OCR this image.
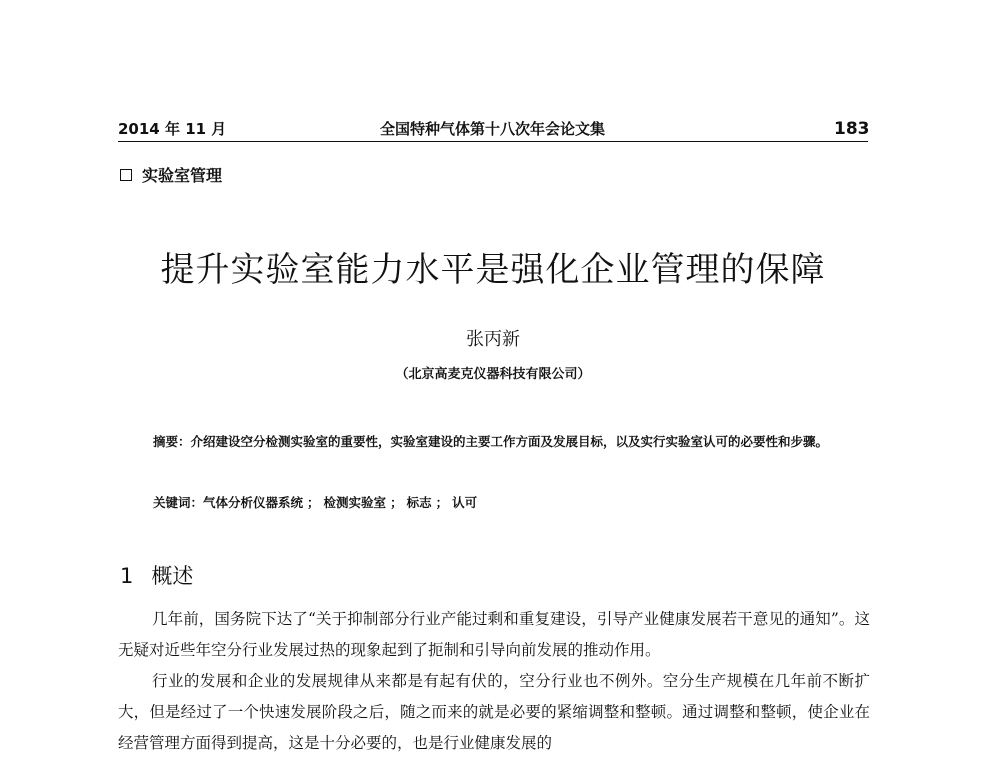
2014 年 11 月	全国特种气体第十八次年会论文集	183
实验室管理
提升实验室能力水平是强化企业管理的保障
张丙新
（北京高麦克仪器科技有限公司）
摘要：介绍建设空分检测实验室的重要性，实验室建设的主要工作方面及发展目标，以及实行实验室认可的必要性和步骤。
关键词：气体分析仪器系统 ； 检测实验室 ； 标志 ； 认可
1 概述
几年前，国务院下达了“关于抑制部分行业产能过剩和重复建设，引导产业健康发展若干意见的通知”。这无疑对近些年空分行业发展过热的现象起到了扼制和引导向前发展的推动作用。
行业的发展和企业的发展规律从来都是有起有伏的，空分行业也不例外。空分生产规模在几年前不断扩大，但是经过了一个快速发展阶段之后，随之而来的就是必要的紧缩调整和整顿。通过调整和整顿，使企业在经营管理方面得到提高，这是十分必要的，也是行业健康发展的
